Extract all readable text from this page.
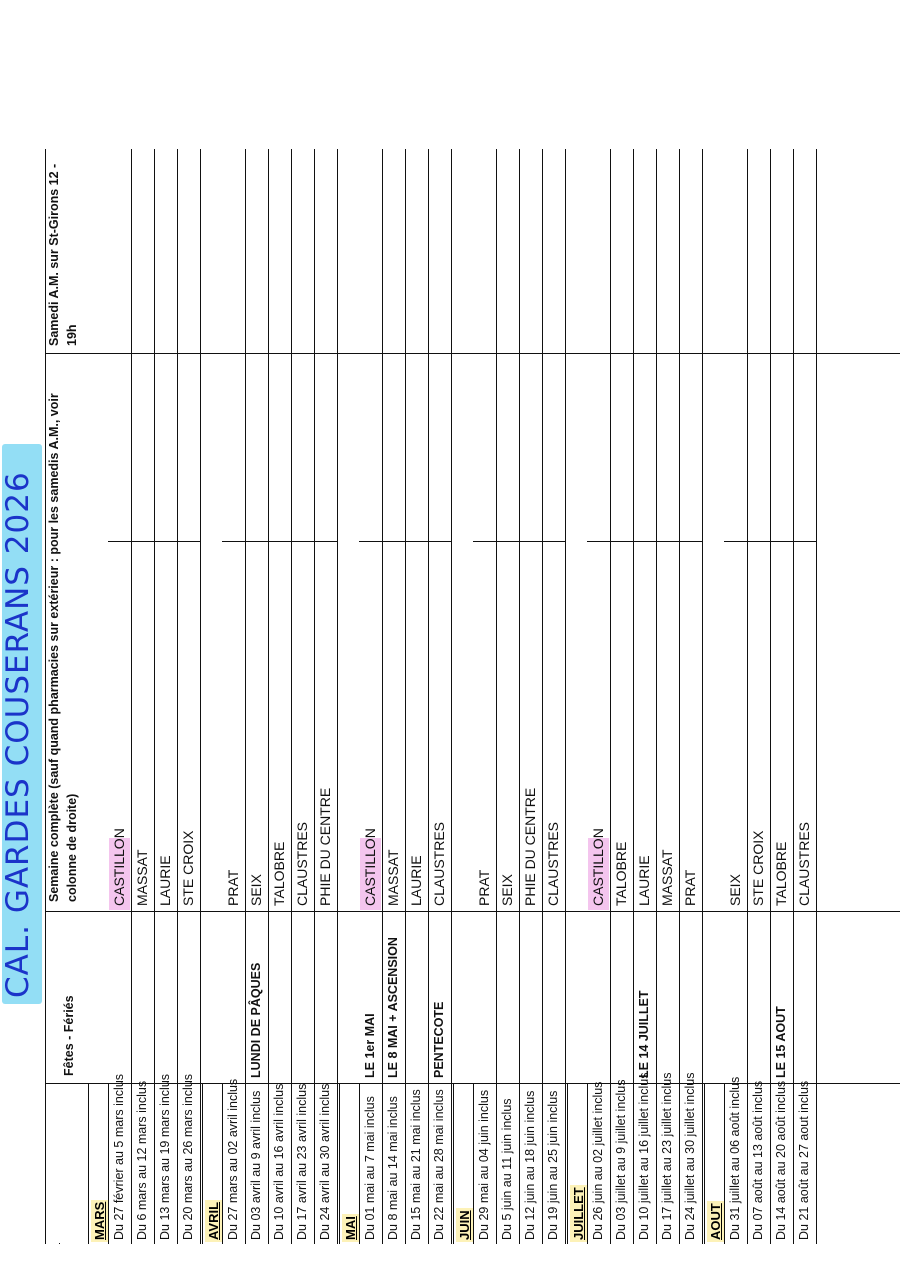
CAL. GARDES COUSERANS 2026
Fêtes - Fériés
Semaine complète (sauf quand pharmacies sur extérieur : pour les samedis A.M., voir colonne de droite)
Samedi A.M. sur St-Girons 12 - 19h
MARS Du 27 février au 5 mars inclus
CASTILLON
Du 6 mars au 12 mars inclus
MASSAT
Du 13 mars au 19 mars inclus
LAURIE
Du 20 mars au 26 mars inclus
STE CROIX
AVRIL Du 27 mars au 02 avril inclus
PRAT
Du 03 avril au 9 avril inclus
LUNDI DE PÂQUES
SEIX
Du 10 avril au 16 avril inclus
TALOBRE
Du 17 avril au 23 avril inclus
CLAUSTRES
Du 24 avril au 30 avril inclus
PHIE DU CENTRE
MAI Du 01 mai au 7 mai inclus
LE 1er MAI
CASTILLON
Du 8 mai au 14 mai inclus
LE 8 MAI + ASCENSION
MASSAT
Du 15 mai au 21 mai inclus
LAURIE
Du 22 mai au 28 mai inclus
PENTECOTE
CLAUSTRES
JUIN Du 29 mai au 04 juin inclus
PRAT
Du 5 juin au 11 juin inclus
SEIX
Du 12 juin au 18 juin inclus
PHIE DU CENTRE
Du 19 juin au 25 juin inclus
CLAUSTRES
JUILLET Du 26 juin au 02 juillet inclus
CASTILLON
Du 03 juillet au 9 juillet inclus
TALOBRE
Du 10 juillet au 16 juillet inclus
LE 14 JUILLET
LAURIE
Du 17 juillet au 23 juillet inclus
MASSAT
Du 24 juillet au 30 juillet inclus
PRAT
AOUT Du 31 juillet au 06 août inclus
SEIX
Du 07 août au 13 août inclus
STE CROIX
Du 14 août au 20 août inclus
LE 15 AOUT
TALOBRE
Du 21 août au 27 aout inclus
CLAUSTRES
